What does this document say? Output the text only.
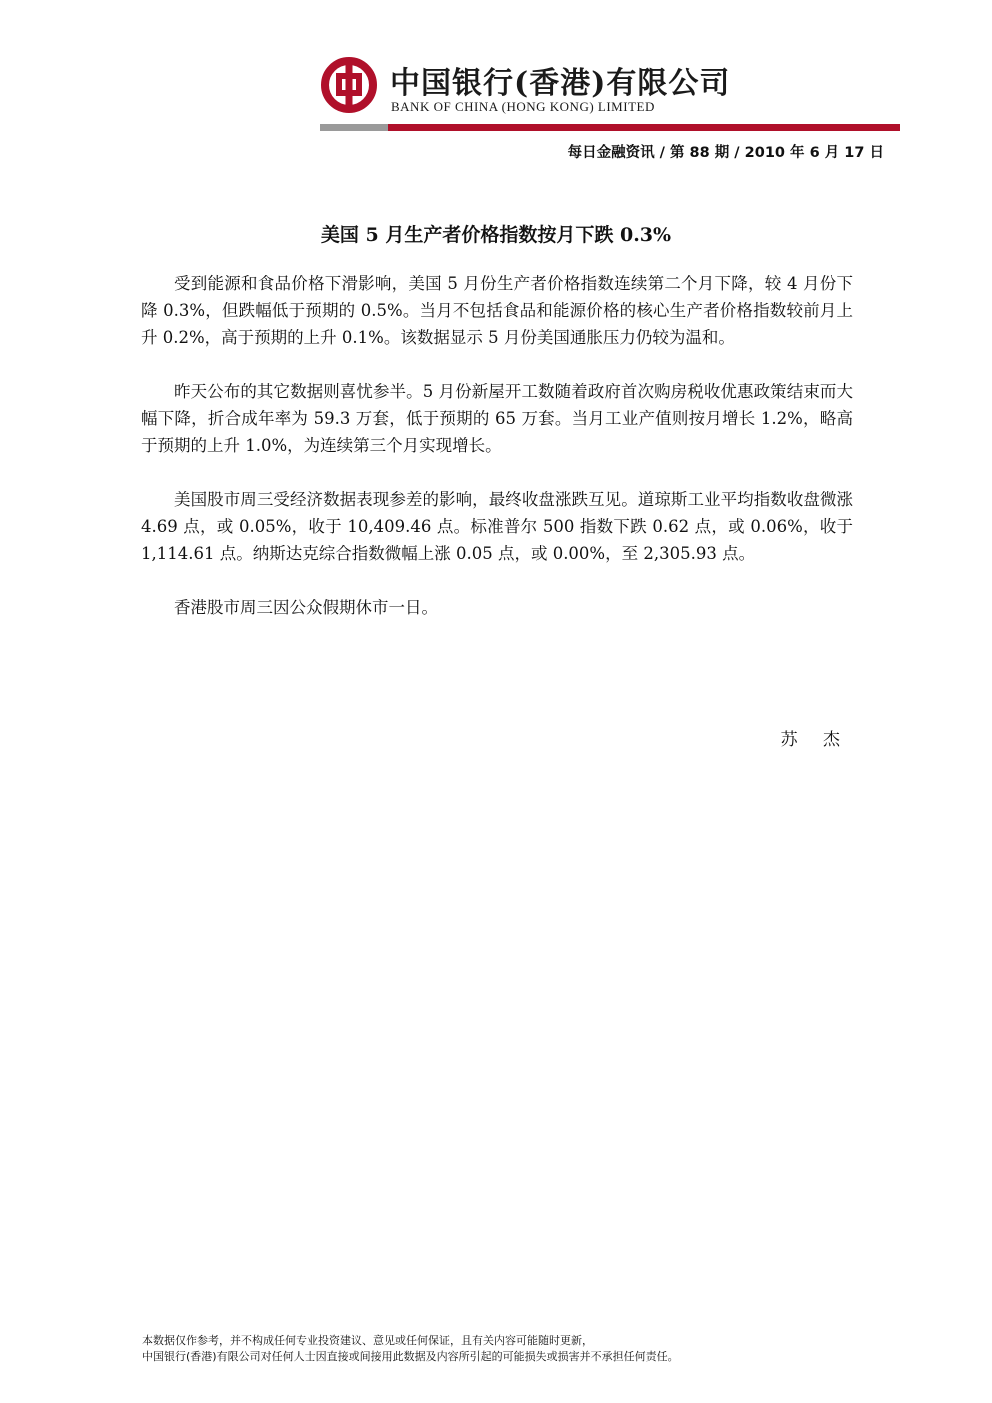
中国银行(香港)有限公司
BANK OF CHINA (HONG KONG) LIMITED
每日金融资讯 / 第 88 期 / 2010 年 6 月 17 日
美国 5 月生产者价格指数按月下跌 0.3%

受到能源和食品价格下滑影响，美国 5 月份生产者价格指数连续第二个月下降，较 4 月份下降 0.3%，但跌幅低于预期的 0.5%。当月不包括食品和能源价格的核心生产者价格指数较前月上升 0.2%，高于预期的上升 0.1%。该数据显示 5 月份美国通胀压力仍较为温和。

昨天公布的其它数据则喜忧参半。5 月份新屋开工数随着政府首次购房税收优惠政策结束而大幅下降，折合成年率为 59.3 万套，低于预期的 65 万套。当月工业产值则按月增长 1.2%，略高于预期的上升 1.0%，为连续第三个月实现增长。

美国股市周三受经济数据表现参差的影响，最终收盘涨跌互见。道琼斯工业平均指数收盘微涨 4.69 点，或 0.05%，收于 10,409.46 点。标准普尔 500 指数下跌 0.62 点，或 0.06%，收于 1,114.61 点。纳斯达克综合指数微幅上涨 0.05 点，或 0.00%，至 2,305.93 点。

香港股市周三因公众假期休市一日。

苏 杰
本数据仅作参考，并不构成任何专业投资建议、意见或任何保证，且有关内容可能随时更新，
中国银行(香港)有限公司对任何人士因直接或间接用此数据及内容所引起的可能损失或损害并不承担任何责任。
